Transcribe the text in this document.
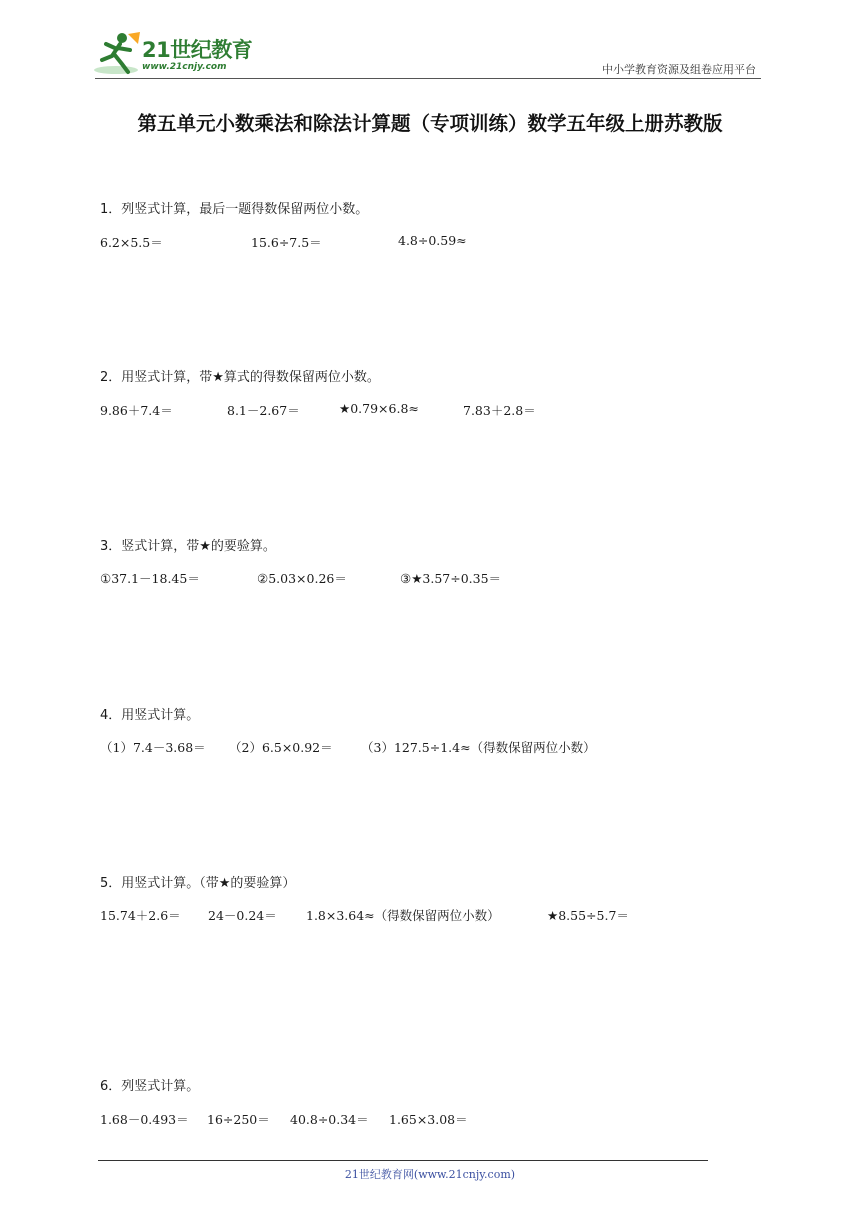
21世纪教育
www.21cnjy.com	中小学教育资源及组卷应用平台
第五单元小数乘法和除法计算题（专项训练）数学五年级上册苏教版
1．列竖式计算，最后一题得数保留两位小数。
6.2×5.5＝	15.6÷7.5＝	4.8÷0.59≈
2．用竖式计算，带★算式的得数保留两位小数。
9.86＋7.4＝	8.1－2.67＝	★0.79×6.8≈	7.83＋2.8＝
3．竖式计算，带★的要验算。
①37.1－18.45＝	②5.03×0.26＝	③★3.57÷0.35＝
4．用竖式计算。
（1）7.4－3.68＝ （2）6.5×0.92＝ （3）127.5÷1.4≈（得数保留两位小数）
5．用竖式计算。（带★的要验算）
15.74＋2.6＝ 24－0.24＝ 1.8×3.64≈（得数保留两位小数）	★8.55÷5.7＝
6．列竖式计算。
1.68－0.493＝ 16÷250＝ 40.8÷0.34＝ 1.65×3.08＝
21世纪教育网(www.21cnjy.com)
